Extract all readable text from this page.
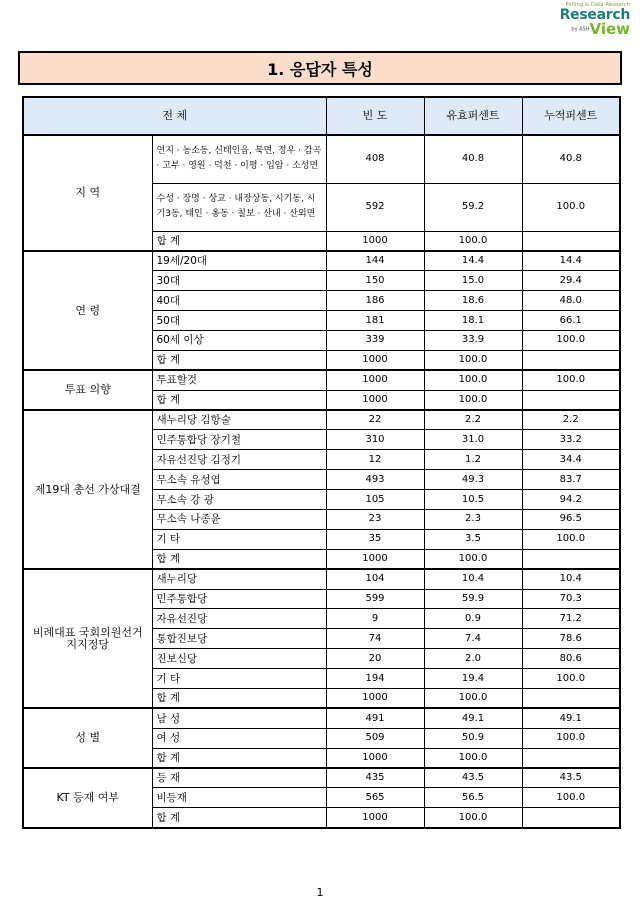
Polling & Data Research
Research
by ASHView
1. 응답자 특성
전 체		빈 도	유효퍼센트	누적퍼센트
지 역	연지 · 농소동, 신태인읍, 북면, 정우 · 감곡 · 고부 · 영원 · 덕천 · 이평 · 입암 · 소성면	408	40.8	40.8
	수성 · 장명 · 상교 · 내장상동, 시기동, 시기3동, 태인 · 옹동 · 칠보 · 산내 · 산외면	592	59.2	100.0
	합 계	1000	100.0	
연 령	19세/20대	144	14.4	14.4
	30대	150	15.0	29.4
	40대	186	18.6	48.0
	50대	181	18.1	66.1
	60세 이상	339	33.9	100.0
	합 계	1000	100.0	
투표 의향	투표할것	1000	100.0	100.0
	합 계	1000	100.0	
제19대 총선 가상대결	새누리당 김항술	22	2.2	2.2
	민주통합당 장기철	310	31.0	33.2
	자유선진당 김정기	12	1.2	34.4
	무소속 유성엽	493	49.3	83.7
	무소속 강 광	105	10.5	94.2
	무소속 나종윤	23	2.3	96.5
	기 타	35	3.5	100.0
	합 계	1000	100.0	
비례대표 국회의원선거 지지정당	새누리당	104	10.4	10.4
	민주통합당	599	59.9	70.3
	자유선진당	9	0.9	71.2
	통합진보당	74	7.4	78.6
	진보신당	20	2.0	80.6
	기 타	194	19.4	100.0
	합 계	1000	100.0	
성 별	남 성	491	49.1	49.1
	여 성	509	50.9	100.0
	합 계	1000	100.0	
KT 등재 여부	등 재	435	43.5	43.5
	비등재	565	56.5	100.0
	합 계	1000	100.0	
1
